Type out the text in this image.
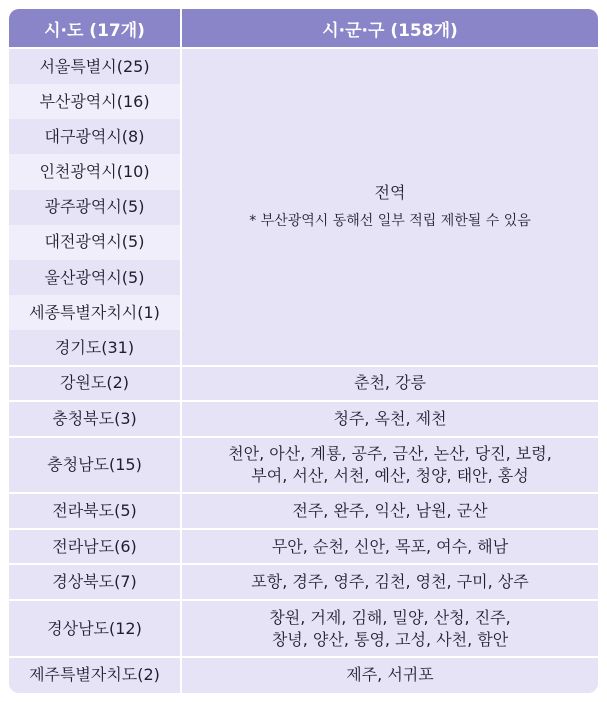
시·도 (17개)	시·군·구 (158개)
서울특별시(25)	전역
* 부산광역시 동해선 일부 적립 제한될 수 있음

부산광역시(16)	
대구광역시(8)	
인천광역시(10)	
광주광역시(5)	
대전광역시(5)	
울산광역시(5)	
세종특별자치시(1)	
경기도(31)	
강원도(2)	춘천, 강릉
충청북도(3)	청주, 옥천, 제천
충청남도(15)	천안, 아산, 계룡, 공주, 금산, 논산, 당진, 보령,
부여, 서산, 서천, 예산, 청양, 태안, 홍성

전라북도(5)	전주, 완주, 익산, 남원, 군산
전라남도(6)	무안, 순천, 신안, 목포, 여수, 해남
경상북도(7)	포항, 경주, 영주, 김천, 영천, 구미, 상주
경상남도(12)	창원, 거제, 김해, 밀양, 산청, 진주,
창녕, 양산, 통영, 고성, 사천, 함안

제주특별자치도(2)	제주, 서귀포
